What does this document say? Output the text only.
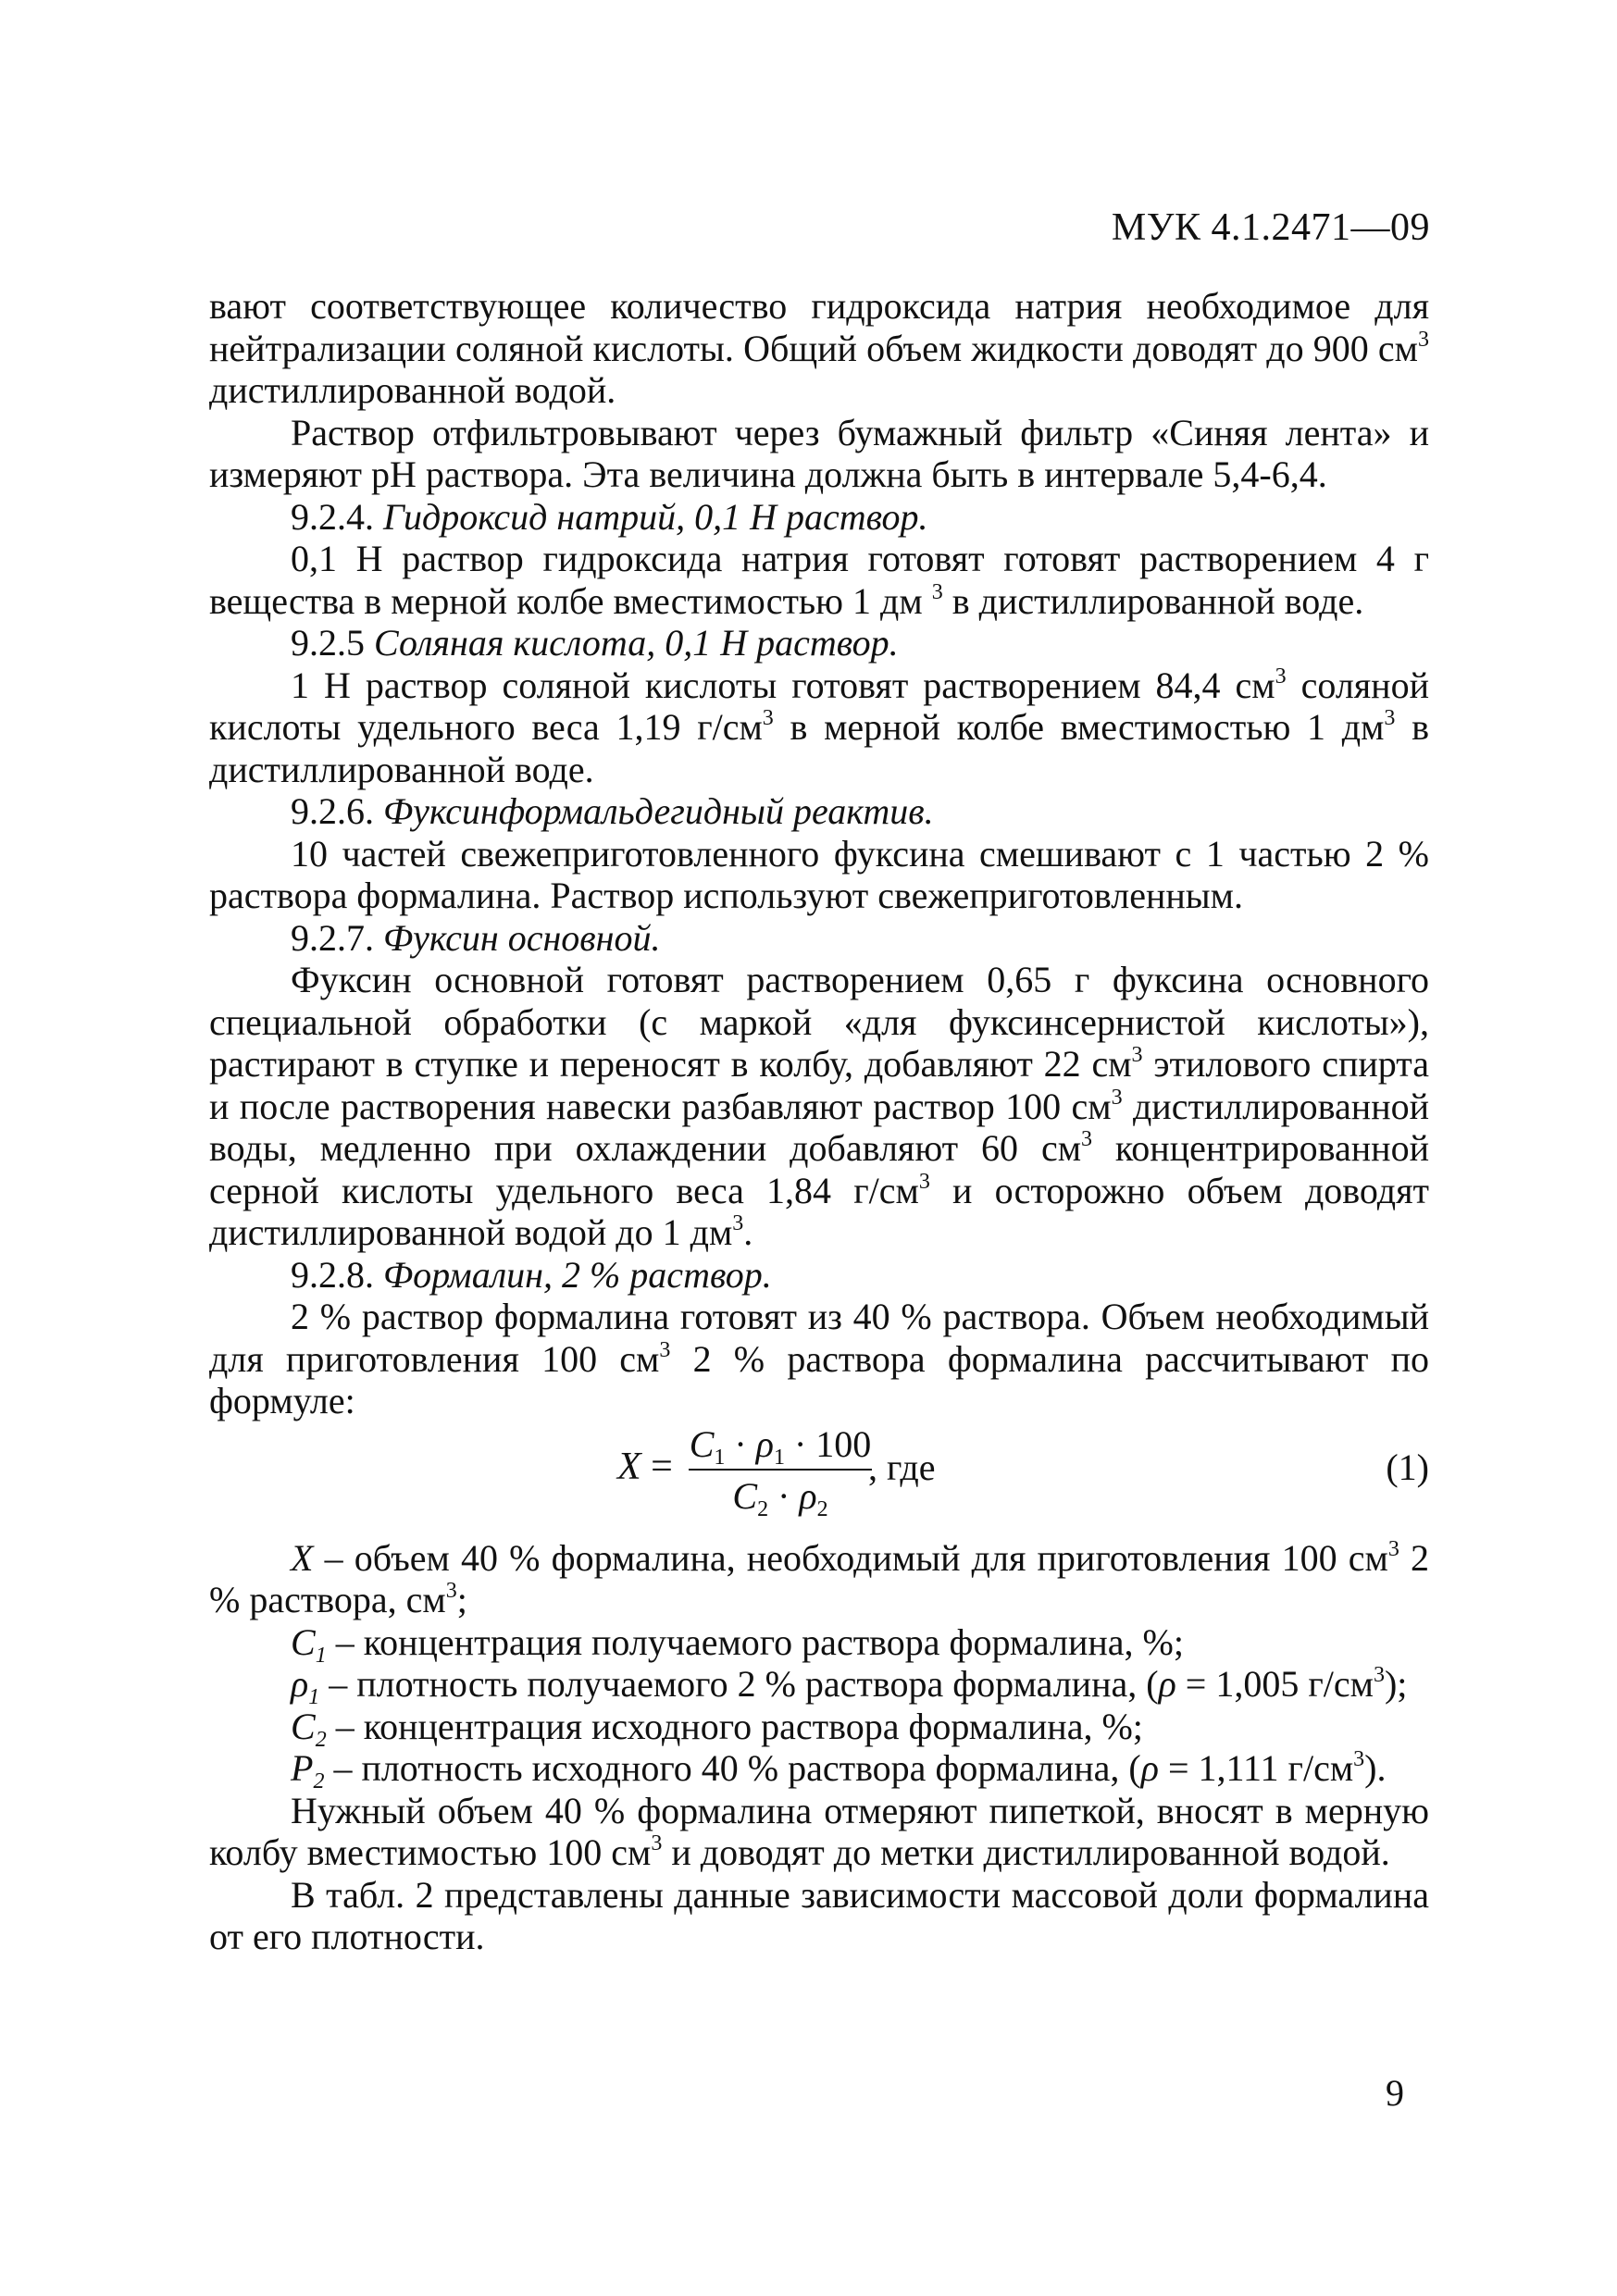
МУК 4.1.2471—09

вают соответствующее количество гидроксида натрия необходимое для нейтрализации соляной кислоты. Общий объем жидкости доводят до 900 $см^3$ дистиллированной водой.

Раствор отфильтровывают через бумажный фильтр «Синяя лента» и измеряют pH раствора. Эта величина должна быть в интервале 5,4-6,4.

9.2.4. Гидроксид натрий, 0,1 Н раствор.

0,1 Н раствор гидроксида натрия готовят готовят растворением 4 г вещества в мерной колбе вместимостью 1 дм $^3$ в дистиллированной воде.

9.2.5 Соляная кислота, 0,1 Н раствор.

1 Н раствор соляной кислоты готовят растворением 84,4 $см^3$ соляной кислоты удельного веса 1,19 $г/см^3$ в мерной колбе вместимостью 1 $дм^3$ в дистиллированной воде.

9.2.6. Фуксинформальдегидный реактив.

10 частей свежеприготовленного фуксина смешивают с 1 частью 2 % раствора формалина. Раствор используют свежеприготовленным.

9.2.7. Фуксин основной.

Фуксин основной готовят растворением 0,65 г фуксина основного специальной обработки (с маркой «для фуксинсернистой кислоты»), растирают в ступке и переносят в колбу, добавляют 22 $см^3$ этилового спирта и после растворения навески разбавляют раствор 100 $см^3$ дистиллированной воды, медленно при охлаждении добавляют 60 $см^3$ концентрированной серной кислоты удельного веса 1,84 $г/см^3$ и осторожно объем доводят дистиллированной водой до 1 $дм^3$.

9.2.8. Формалин, 2 % раствор.

2 % раствор формалина готовят из 40 % раствора. Объем необходимый для приготовления 100 $см^3$ 2 % раствора формалина рассчитывают по формуле:

X =
$C_1 \cdot \rho_1 \cdot 100$
$C_2 \cdot \rho_2$
, где	(1)

X – объем 40 % формалина, необходимый для приготовления 100 $см^3$ 2 % раствора, $см^3$;

$C_1$ – концентрация получаемого раствора формалина, %;

$\rho_1$ – плотность получаемого 2 % раствора формалина, (ρ = 1,005 $г/см^3$);

$C_2$ – концентрация исходного раствора формалина, %;

$P_2$ – плотность исходного 40 % раствора формалина, (ρ = 1,111 $г/см^3$).

Нужный объем 40 % формалина отмеряют пипеткой, вносят в мерную колбу вместимостью 100 $см^3$ и доводят до метки дистиллированной водой.

В табл. 2 представлены данные зависимости массовой доли формалина от его плотности.

9
